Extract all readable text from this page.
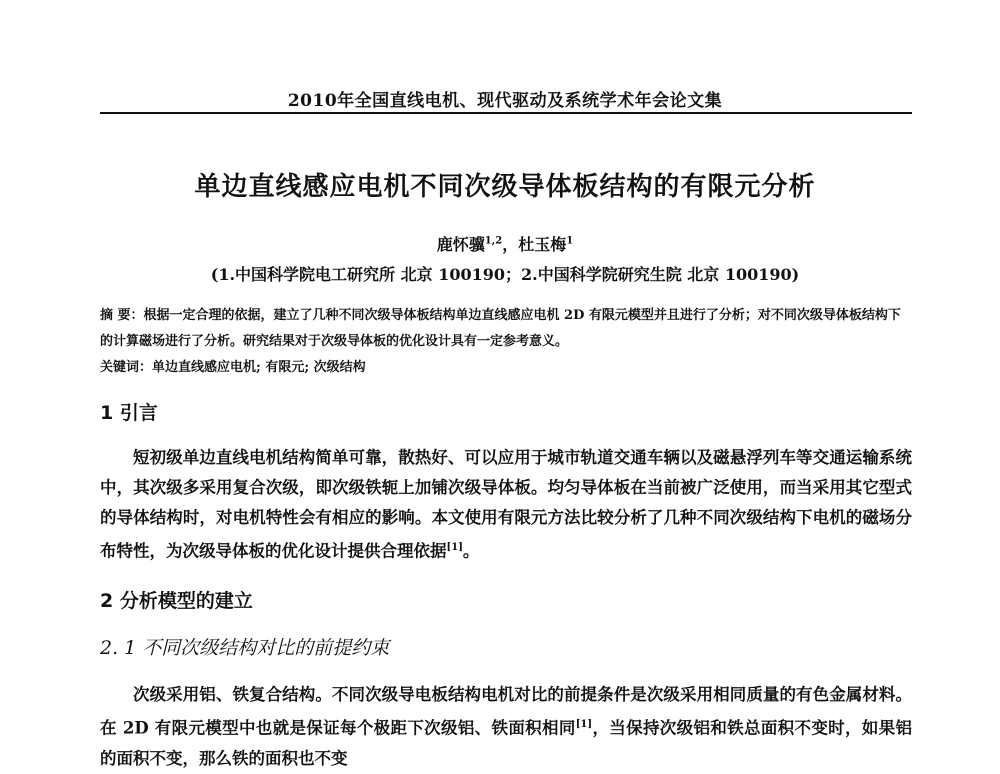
2010年全国直线电机、现代驱动及系统学术年会论文集
单边直线感应电机不同次级导体板结构的有限元分析
鹿怀骥$^{1,2}$，杜玉梅$^1$
(1.中国科学院电工研究所 北京 100190；2.中国科学院研究生院 北京 100190)
摘 要：根据一定合理的依据，建立了几种不同次级导体板结构单边直线感应电机 2D 有限元模型并且进行了分析；对不同次级导体板结构下的计算磁场进行了分析。研究结果对于次级导体板的优化设计具有一定参考意义。
关键词：单边直线感应电机; 有限元; 次级结构
1 引言
短初级单边直线电机结构简单可靠，散热好、可以应用于城市轨道交通车辆以及磁悬浮列车等交通运输系统中，其次级多采用复合次级，即次级铁轭上加铺次级导体板。均匀导体板在当前被广泛使用，而当采用其它型式的导体结构时，对电机特性会有相应的影响。本文使用有限元方法比较分析了几种不同次级结构下电机的磁场分布特性，为次级导体板的优化设计提供合理依据[1]。
2 分析模型的建立
2. 1 不同次级结构对比的前提约束
次级采用铝、铁复合结构。不同次级导电板结构电机对比的前提条件是次级采用相同质量的有色金属材料。在 2D 有限元模型中也就是保证每个极距下次级铝、铁面积相同[1]，当保持次级铝和铁总面积不变时，如果铝的面积不变，那么铁的面积也不变
